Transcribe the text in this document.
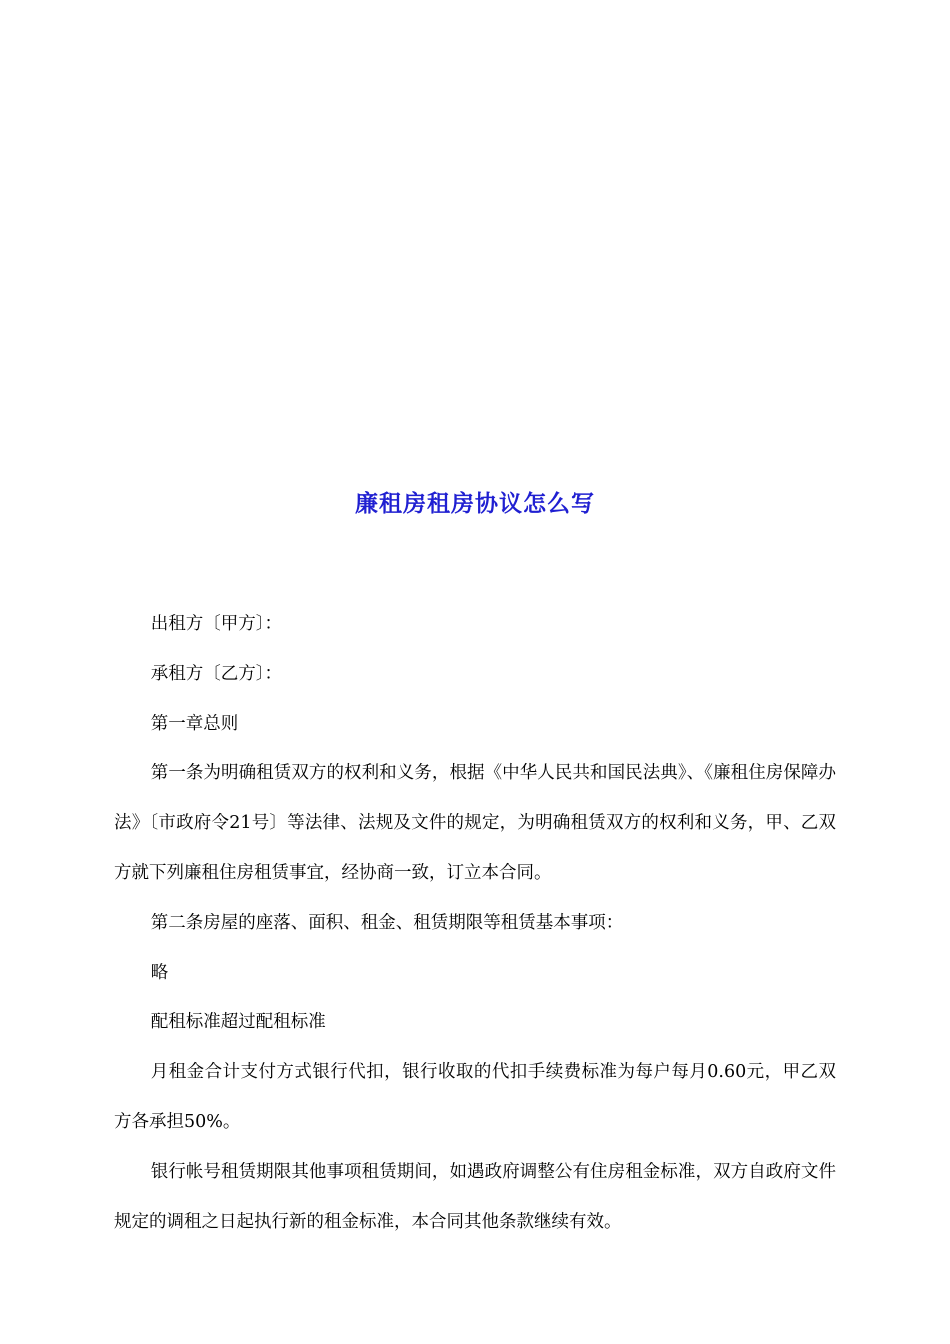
廉租房租房协议怎么写

出租方〔甲方〕：

承租方〔乙方〕：

第一章总则

第一条为明确租赁双方的权利和义务，根据《中华人民共和国民法典》、《廉租住房保障办法》〔市政府令21号〕等法律、法规及文件的规定，为明确租赁双方的权利和义务，甲、乙双方就下列廉租住房租赁事宜，经协商一致，订立本合同。

第二条房屋的座落、面积、租金、租赁期限等租赁基本事项：

略

配租标准超过配租标准

月租金合计支付方式银行代扣，银行收取的代扣手续费标准为每户每月0.60元，甲乙双方各承担50%。

银行帐号租赁期限其他事项租赁期间，如遇政府调整公有住房租金标准，双方自政府文件规定的调租之日起执行新的租金标准，本合同其他条款继续有效。
